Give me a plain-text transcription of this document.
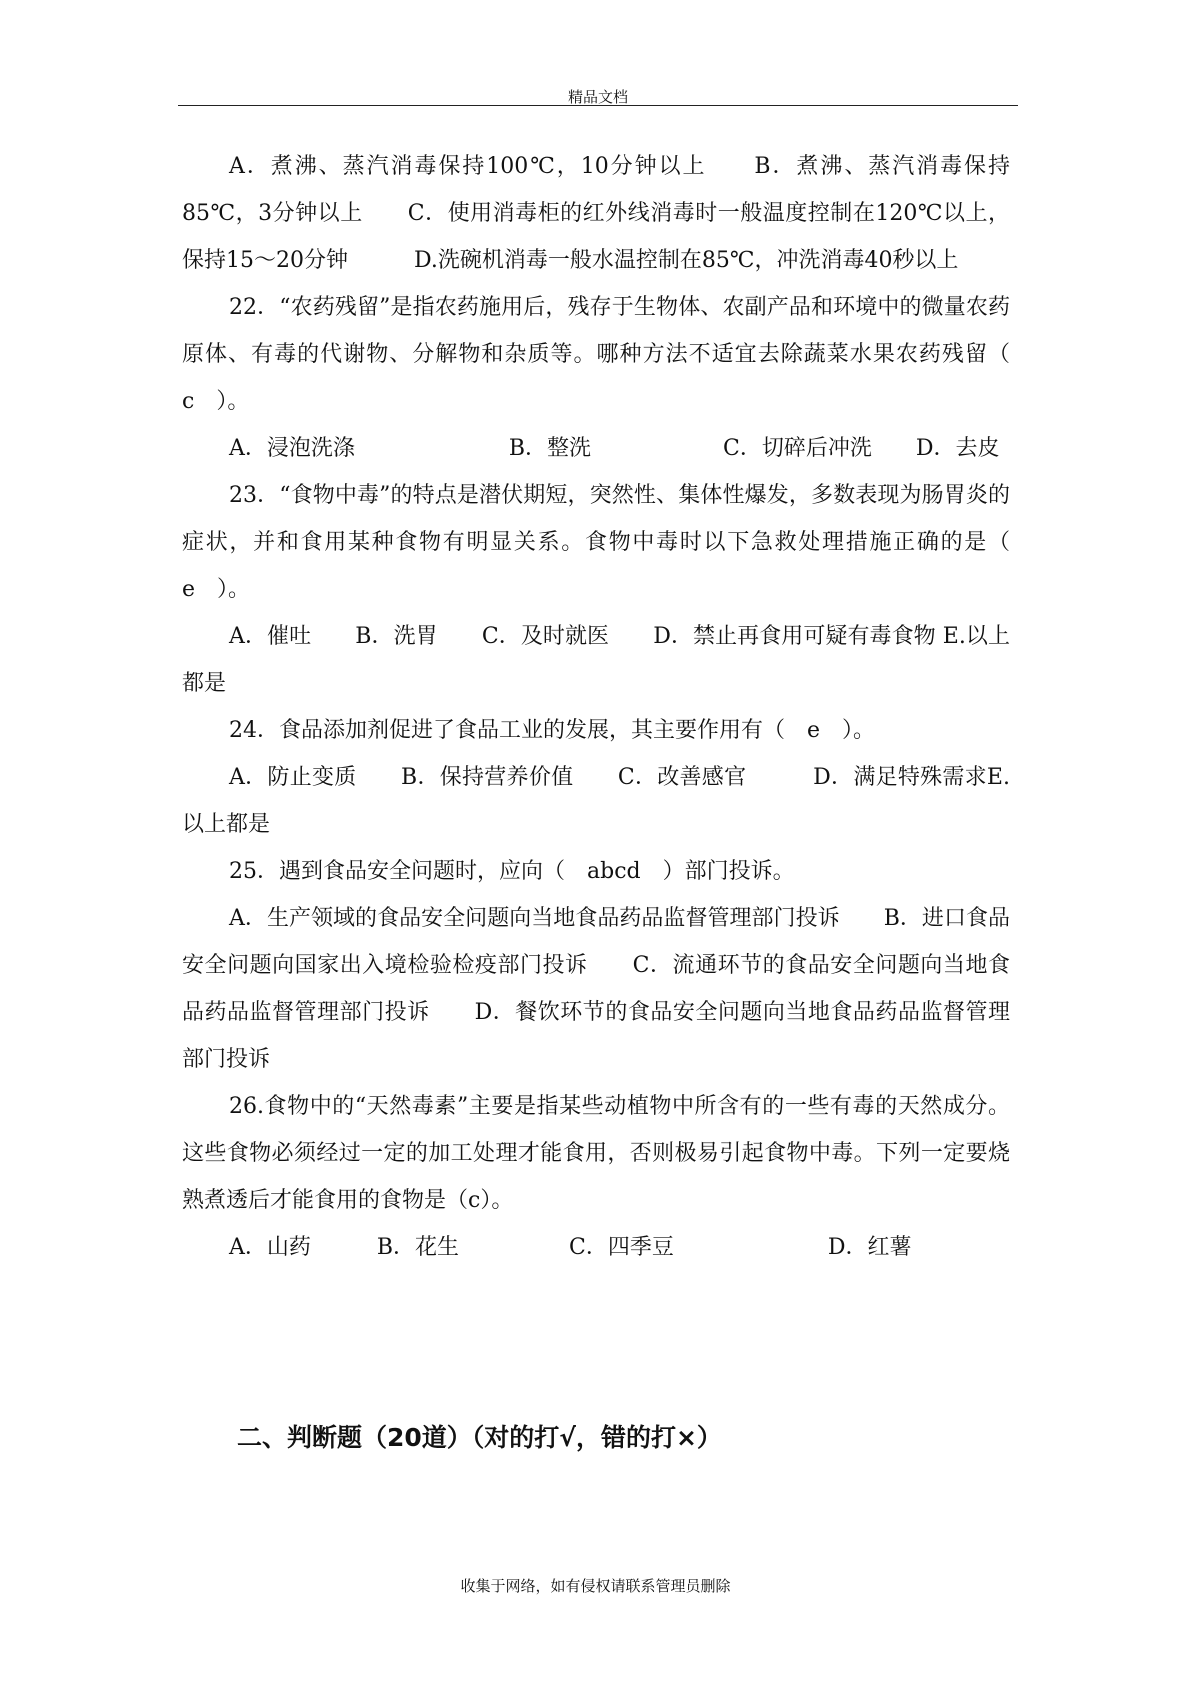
精品文档

A．煮沸、蒸汽消毒保持100℃，10分钟以上　　B．煮沸、蒸汽消毒保持85℃，3分钟以上　　C．使用消毒柜的红外线消毒时一般温度控制在120℃以上，保持15～20分钟　　　D.洗碗机消毒一般水温控制在85℃，冲洗消毒40秒以上

22．“农药残留”是指农药施用后，残存于生物体、农副产品和环境中的微量农药原体、有毒的代谢物、分解物和杂质等。哪种方法不适宜去除蔬菜水果农药残留（　c　）。

A．浸泡洗涤　　　　　　　B．整洗　　　　　　C．切碎后冲洗　　D．去皮

23．“食物中毒”的特点是潜伏期短，突然性、集体性爆发，多数表现为肠胃炎的症状，并和食用某种食物有明显关系。食物中毒时以下急救处理措施正确的是（　e　）。

A．催吐　　B．洗胃　　C．及时就医　　D．禁止再食用可疑有毒食物 E.以上都是

24．食品添加剂促进了食品工业的发展，其主要作用有（　e　）。

A．防止变质　　B．保持营养价值　　C．改善感官　　　D．满足特殊需求E.以上都是

25．遇到食品安全问题时，应向（　abcd　）部门投诉。

A．生产领域的食品安全问题向当地食品药品监督管理部门投诉　　B．进口食品安全问题向国家出入境检验检疫部门投诉　　C．流通环节的食品安全问题向当地食品药品监督管理部门投诉　　D．餐饮环节的食品安全问题向当地食品药品监督管理部门投诉

26.食物中的“天然毒素”主要是指某些动植物中所含有的一些有毒的天然成分。这些食物必须经过一定的加工处理才能食用，否则极易引起食物中毒。下列一定要烧熟煮透后才能食用的食物是（c）。

A．山药　　　B．花生　　　　　C．四季豆　　　　　　　D．红薯

二、判断题（20道）（对的打√，错的打×）
收集于网络，如有侵权请联系管理员删除
